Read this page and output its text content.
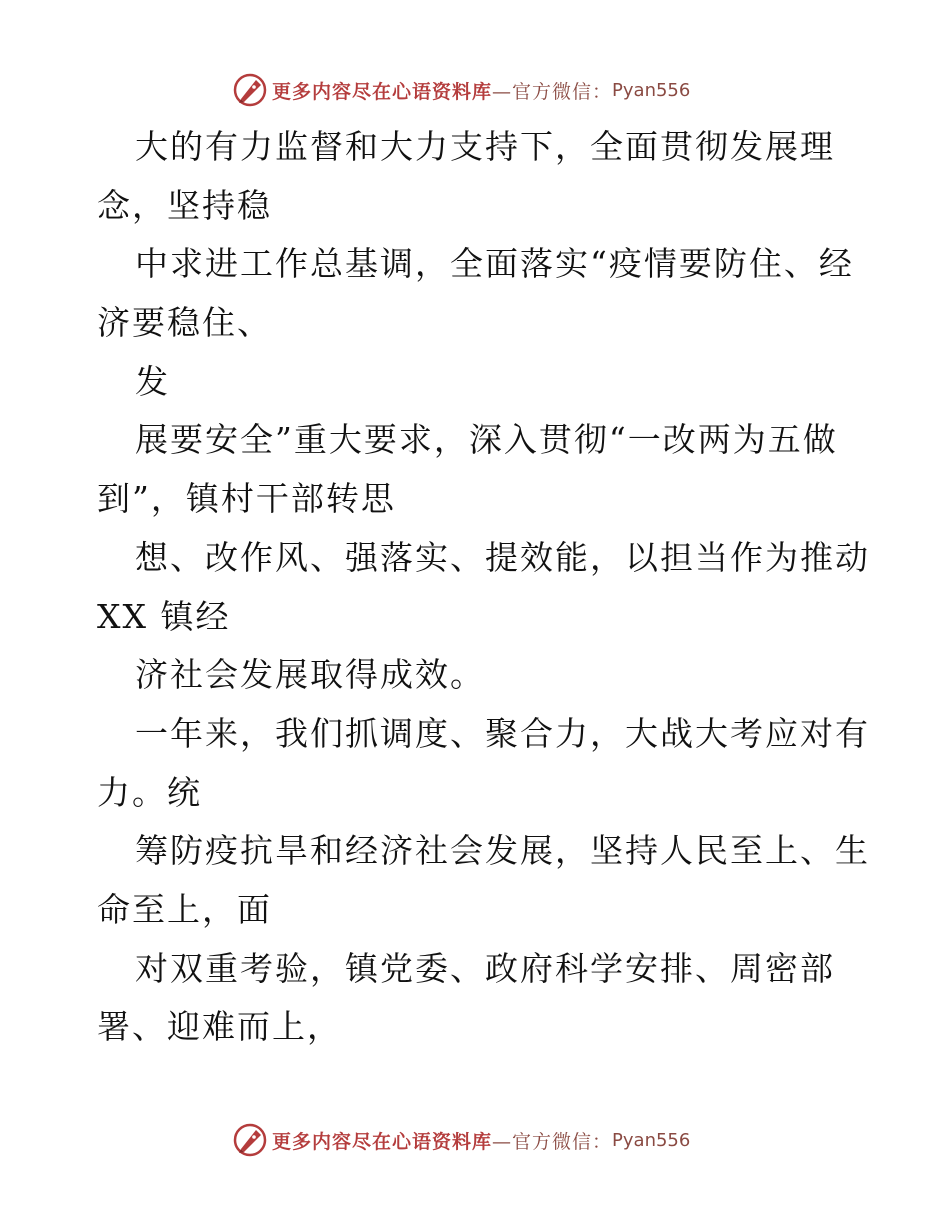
更多内容尽在心语资料库 —官方微信： Pyan556
大的有力监督和大力支持下，全面贯彻发展理
念，坚持稳
中求进工作总基调，全面落实“疫情要防住、经
济要稳住、
发
展要安全”重大要求，深入贯彻“一改两为五做
到”，镇村干部转思
想、改作风、强落实、提效能，以担当作为推动
XX 镇经
济社会发展取得成效。
一年来，我们抓调度、聚合力，大战大考应对有
力。统
筹防疫抗旱和经济社会发展，坚持人民至上、生
命至上，面
对双重考验，镇党委、政府科学安排、周密部
署、迎难而上，
更多内容尽在心语资料库 —官方微信： Pyan556
